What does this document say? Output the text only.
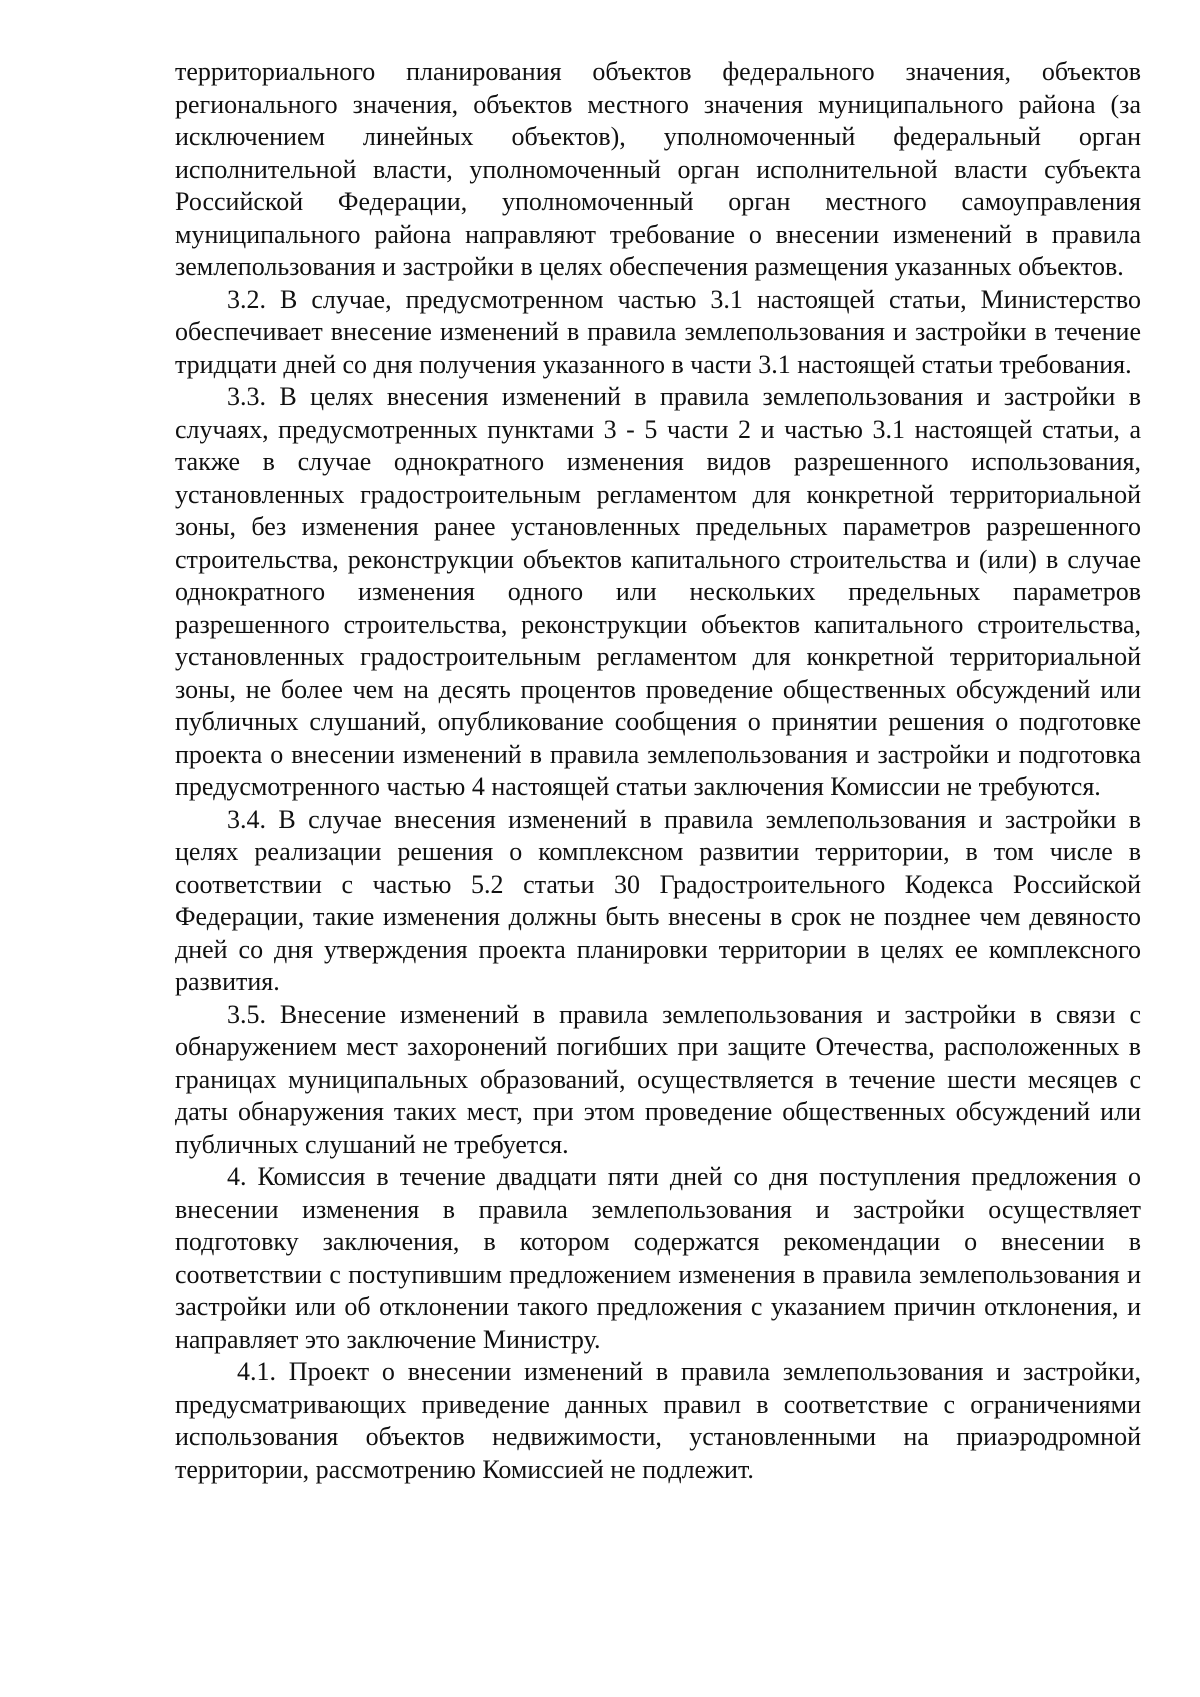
территориального планирования объектов федерального значения, объектов регионального значения, объектов местного значения муниципального района (за исключением линейных объектов), уполномоченный федеральный орган исполнительной власти, уполномоченный орган исполнительной власти субъекта Российской Федерации, уполномоченный орган местного самоуправления муниципального района направляют требование о внесении изменений в правила землепользования и застройки в целях обеспечения размещения указанных объектов.

3.2. В случае, предусмотренном частью 3.1 настоящей статьи, Министерство обеспечивает внесение изменений в правила землепользования и застройки в течение тридцати дней со дня получения указанного в части 3.1 настоящей статьи требования.

3.3. В целях внесения изменений в правила землепользования и застройки в случаях, предусмотренных пунктами 3 - 5 части 2 и частью 3.1 настоящей статьи, а также в случае однократного изменения видов разрешенного использования, установленных градостроительным регламентом для конкретной территориальной зоны, без изменения ранее установленных предельных параметров разрешенного строительства, реконструкции объектов капитального строительства и (или) в случае однократного изменения одного или нескольких предельных параметров разрешенного строительства, реконструкции объектов капитального строительства, установленных градостроительным регламентом для конкретной территориальной зоны, не более чем на десять процентов проведение общественных обсуждений или публичных слушаний, опубликование сообщения о принятии решения о подготовке проекта о внесении изменений в правила землепользования и застройки и подготовка предусмотренного частью 4 настоящей статьи заключения Комиссии не требуются.

3.4. В случае внесения изменений в правила землепользования и застройки в целях реализации решения о комплексном развитии территории, в том числе в соответствии с частью 5.2 статьи 30 Градостроительного Кодекса Российской Федерации, такие изменения должны быть внесены в срок не позднее чем девяносто дней со дня утверждения проекта планировки территории в целях ее комплексного развития.

3.5. Внесение изменений в правила землепользования и застройки в связи с обнаружением мест захоронений погибших при защите Отечества, расположенных в границах муниципальных образований, осуществляется в течение шести месяцев с даты обнаружения таких мест, при этом проведение общественных обсуждений или публичных слушаний не требуется.

4. Комиссия в течение двадцати пяти дней со дня поступления предложения о внесении изменения в правила землепользования и застройки осуществляет подготовку заключения, в котором содержатся рекомендации о внесении в соответствии с поступившим предложением изменения в правила землепользования и застройки или об отклонении такого предложения с указанием причин отклонения, и направляет это заключение Министру.

4.1. Проект о внесении изменений в правила землепользования и застройки, предусматривающих приведение данных правил в соответствие с ограничениями использования объектов недвижимости, установленными на приаэродромной территории, рассмотрению Комиссией не подлежит.
